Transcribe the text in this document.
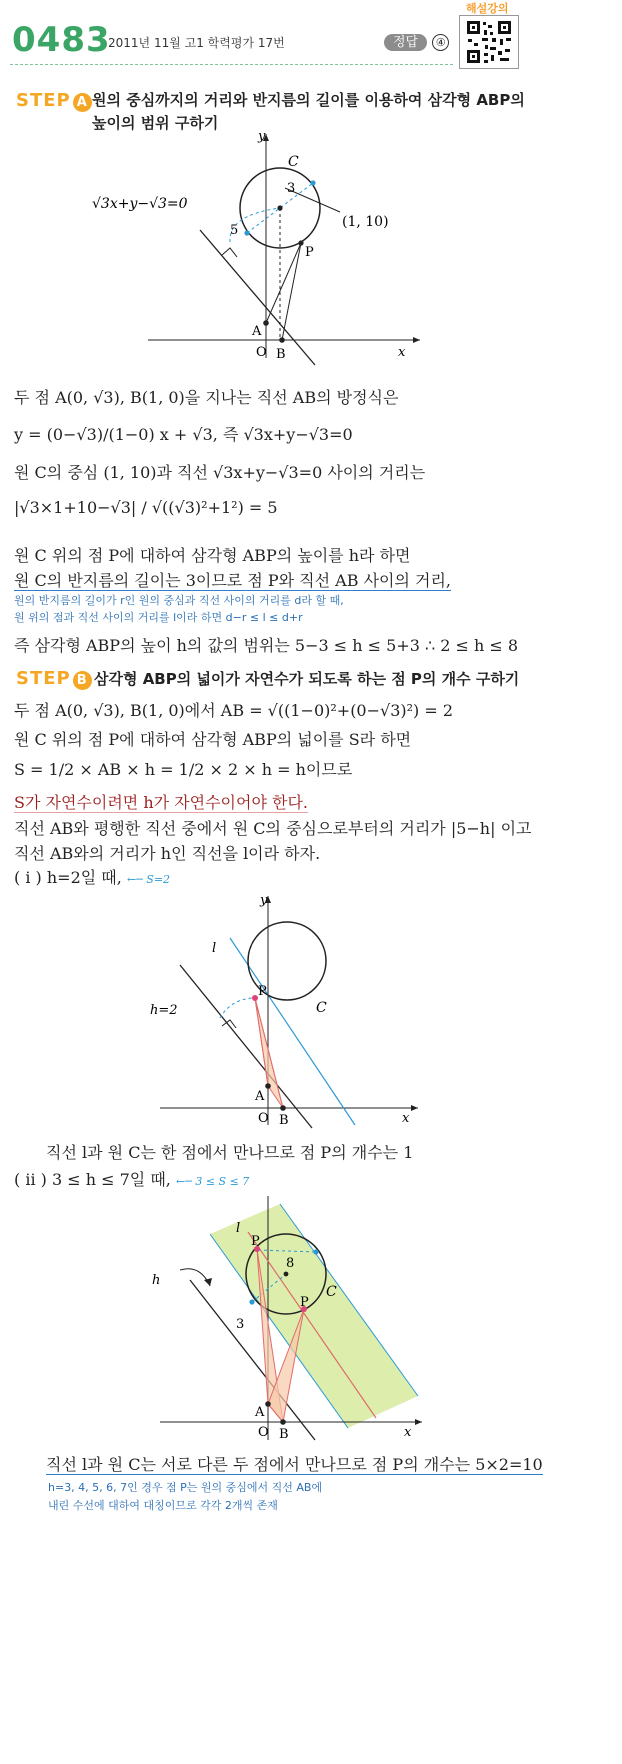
0483
2011년 11월 고1 학력평가 17번	정답 ④
해설강의
STEP A 원의 중심까지의 거리와 반지름의 길이를 이용하여 삼각형 ABP의
높이의 범위 구하기
y
x
O
C
3
5
P
A
B
(1, 10)
√3x+y−√3=0
두 점 A(0, √3), B(1, 0)을 지나는 직선 AB의 방정식은
y = (0−√3)/(1−0) x + √3, 즉 √3x+y−√3=0
원 C의 중심 (1, 10)과 직선 √3x+y−√3=0 사이의 거리는
|√3×1+10−√3| / √((√3)²+1²) = 5
원 C 위의 점 P에 대하여 삼각형 ABP의 높이를 h라 하면
원 C의 반지름의 길이는 3이므로 점 P와 직선 AB 사이의 거리,
원의 반지름의 길이가 r인 원의 중심과 직선 사이의 거리를 d라 할 때,
원 위의 점과 직선 사이의 거리를 l이라 하면 d−r ≤ l ≤ d+r
즉 삼각형 ABP의 높이 h의 값의 범위는 5−3 ≤ h ≤ 5+3 ∴ 2 ≤ h ≤ 8
STEP B 삼각형 ABP의 넓이가 자연수가 되도록 하는 점 P의 개수 구하기
두 점 A(0, √3), B(1, 0)에서 AB = √((1−0)²+(0−√3)²) = 2
원 C 위의 점 P에 대하여 삼각형 ABP의 넓이를 S라 하면
S = 1/2 × AB × h = 1/2 × 2 × h = h이므로
S가 자연수이려면 h가 자연수이어야 한다.
직선 AB와 평행한 직선 중에서 원 C의 중심으로부터의 거리가 |5−h| 이고
직선 AB와의 거리가 h인 직선을 l이라 하자.
( i ) h=2일 때, ←─ S=2
y
x
O
l
P
C
A
B
h=2
직선 l과 원 C는 한 점에서 만나므로 점 P의 개수는 1
( ii ) 3 ≤ h ≤ 7일 때, ←─ 3 ≤ S ≤ 7
x
O
l
h
P
P
8
3
C
A
B
직선 l과 원 C는 서로 다른 두 점에서 만나므로 점 P의 개수는 5×2=10
h=3, 4, 5, 6, 7인 경우 점 P는 원의 중심에서 직선 AB에
내린 수선에 대하여 대칭이므로 각각 2개씩 존재
